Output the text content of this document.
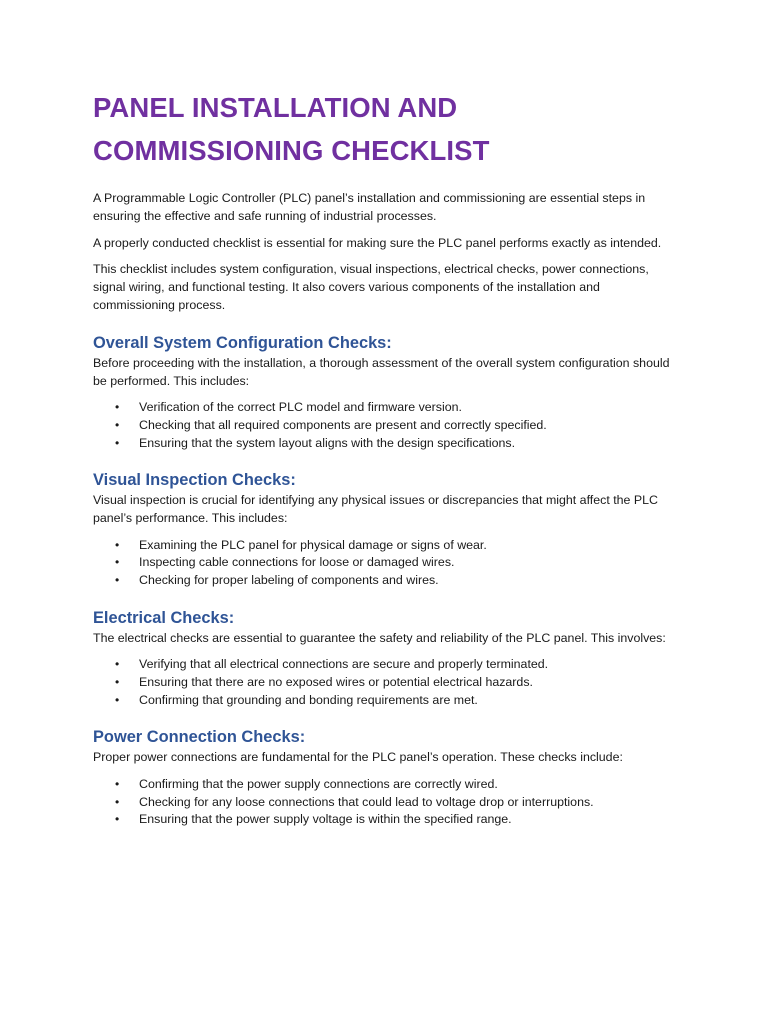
PANEL INSTALLATION AND
COMMISSIONING CHECKLIST

A Programmable Logic Controller (PLC) panel’s installation and commissioning are essential steps in ensuring the effective and safe running of industrial processes.

A properly conducted checklist is essential for making sure the PLC panel performs exactly as intended.

This checklist includes system configuration, visual inspections, electrical checks, power connections, signal wiring, and functional testing. It also covers various components of the installation and commissioning process.

Overall System Configuration Checks:

Before proceeding with the installation, a thorough assessment of the overall system configuration should be performed. This includes:

• Verification of the correct PLC model and firmware version.
• Checking that all required components are present and correctly specified.
• Ensuring that the system layout aligns with the design specifications.
Visual Inspection Checks:

Visual inspection is crucial for identifying any physical issues or discrepancies that might affect the PLC panel’s performance. This includes:

• Examining the PLC panel for physical damage or signs of wear.
• Inspecting cable connections for loose or damaged wires.
• Checking for proper labeling of components and wires.
Electrical Checks:

The electrical checks are essential to guarantee the safety and reliability of the PLC panel. This involves:

• Verifying that all electrical connections are secure and properly terminated.
• Ensuring that there are no exposed wires or potential electrical hazards.
• Confirming that grounding and bonding requirements are met.
Power Connection Checks:

Proper power connections are fundamental for the PLC panel’s operation. These checks include:

• Confirming that the power supply connections are correctly wired.
• Checking for any loose connections that could lead to voltage drop or interruptions.
• Ensuring that the power supply voltage is within the specified range.
